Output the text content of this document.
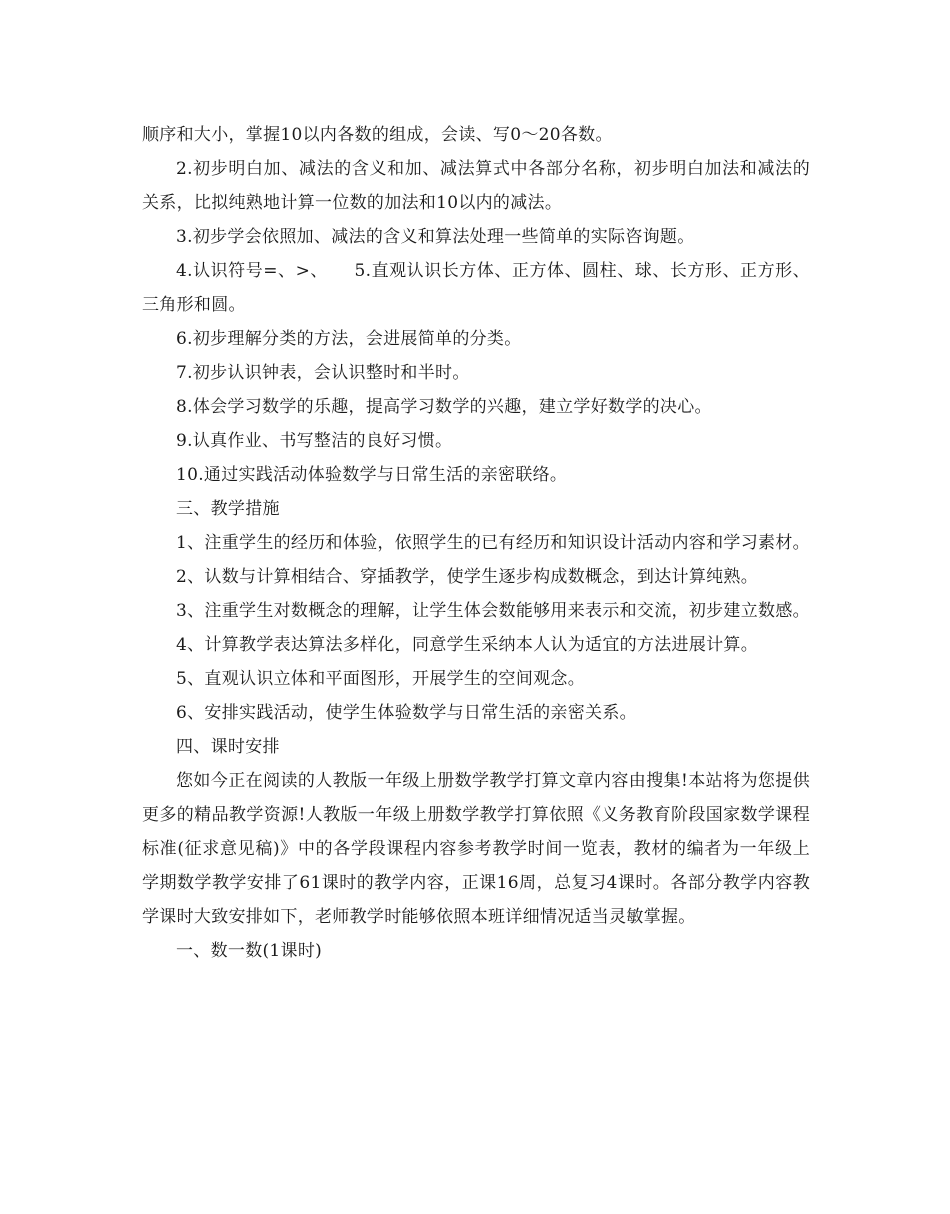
顺序和大小，掌握10以内各数的组成，会读、写0～20各数。

2.初步明白加、减法的含义和加、减法算式中各部分名称，初步明白加法和减法的关系，比拟纯熟地计算一位数的加法和10以内的减法。

3.初步学会依照加、减法的含义和算法处理一些简单的实际咨询题。

4.认识符号=、>、　　5.直观认识长方体、正方体、圆柱、球、长方形、正方形、三角形和圆。

6.初步理解分类的方法，会进展简单的分类。

7.初步认识钟表，会认识整时和半时。

8.体会学习数学的乐趣，提高学习数学的兴趣，建立学好数学的决心。

9.认真作业、书写整洁的良好习惯。

10.通过实践活动体验数学与日常生活的亲密联络。

三、教学措施

1、注重学生的经历和体验，依照学生的已有经历和知识设计活动内容和学习素材。

2、认数与计算相结合、穿插教学，使学生逐步构成数概念，到达计算纯熟。

3、注重学生对数概念的理解，让学生体会数能够用来表示和交流，初步建立数感。

4、计算教学表达算法多样化，同意学生采纳本人认为适宜的方法进展计算。

5、直观认识立体和平面图形，开展学生的空间观念。

6、安排实践活动，使学生体验数学与日常生活的亲密关系。

四、课时安排

您如今正在阅读的人教版一年级上册数学教学打算文章内容由搜集!本站将为您提供更多的精品教学资源!人教版一年级上册数学教学打算依照《义务教育阶段国家数学课程标准(征求意见稿)》中的各学段课程内容参考教学时间一览表，教材的编者为一年级上学期数学教学安排了61课时的教学内容，正课16周，总复习4课时。各部分教学内容教学课时大致安排如下，老师教学时能够依照本班详细情况适当灵敏掌握。

一、数一数(1课时)
